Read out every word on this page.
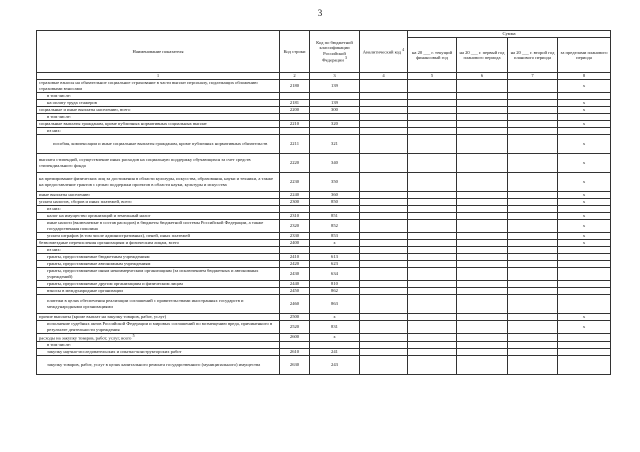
3
Наименование показателя	Код строки	Код по бюджетной классификации Российской Федерации $^3$	Аналитический код $^4$	Сумма			
				на 20 ___ г. текущий финансовый год	на 20 ___ г. первый год планового периода	на 20 ___ г. второй год планового периода	за пределами планового периода
1	2	3	4	5	6	7	8
страховые взносы на обязательное социальное страхование в части выплат персоналу, подлежащих обложению страховыми взносами	2180	139					x
в том числе:							
на оплату труда стажеров	2181	139					x
социальные и иные выплаты населению, всего	2200	300					x
в том числе:							
социальные выплаты гражданам, кроме публичных нормативных социальных выплат	2210	320					x
из них:							
пособия, компенсации и иные социальные выплаты гражданам, кроме публичных нормативных обязательств	2211	321					x
выплата стипендий, осуществление иных расходов на социальную поддержку обучающихся за счет средств стипендиального фонда	2220	340					x
на премирование физических лиц за достижения в области культуры, искусства, образования, науки и техники, а также на предоставление грантов с целью поддержки проектов в области науки, культуры и искусства	2230	350					x
иные выплаты населению	2240	360					x
уплата налогов, сборов и иных платежей, всего	2300	850					x
из них:							
налог на имущество организаций и земельный налог	2310	851					x
иные налоги (включаемые в состав расходов) в бюджеты бюджетной системы Российской Федерации, а также государственная пошлина	2320	852					x
уплата штрафов (в том числе административных), пеней, иных платежей	2330	853					x
безвозмездные перечисления организациям и физическим лицам, всего	2400	x					x
из них:							
гранты, предоставляемые бюджетным учреждениям	2410	613					
гранты, предоставляемые автономным учреждениям	2420	623					
гранты, предоставляемые иным некоммерческим организациям (за исключением бюджетных и автономных учреждений)	2430	634					
гранты, предоставляемые другим организациям и физическим лицам	2440	810					
взносы в международные организации	2450	862					
платежи в целях обеспечения реализации соглашений с правительствами иностранных государств и международными организациями	2460	863					
прочие выплаты (кроме выплат на закупку товаров, работ, услуг)	2500	x					x
исполнение судебных актов Российской Федерации и мировых соглашений по возмещению вреда, причиненного в результате деятельности учреждения	2520	831					x
расходы на закупку товаров, работ, услуг, всего $^5$	2600	x					
в том числе:							
закупку научно-исследовательских и опытно-конструкторских работ	2610	241					
закупку товаров, работ, услуг в целях капитального ремонта государственного (муниципального) имущества	2630	243					
